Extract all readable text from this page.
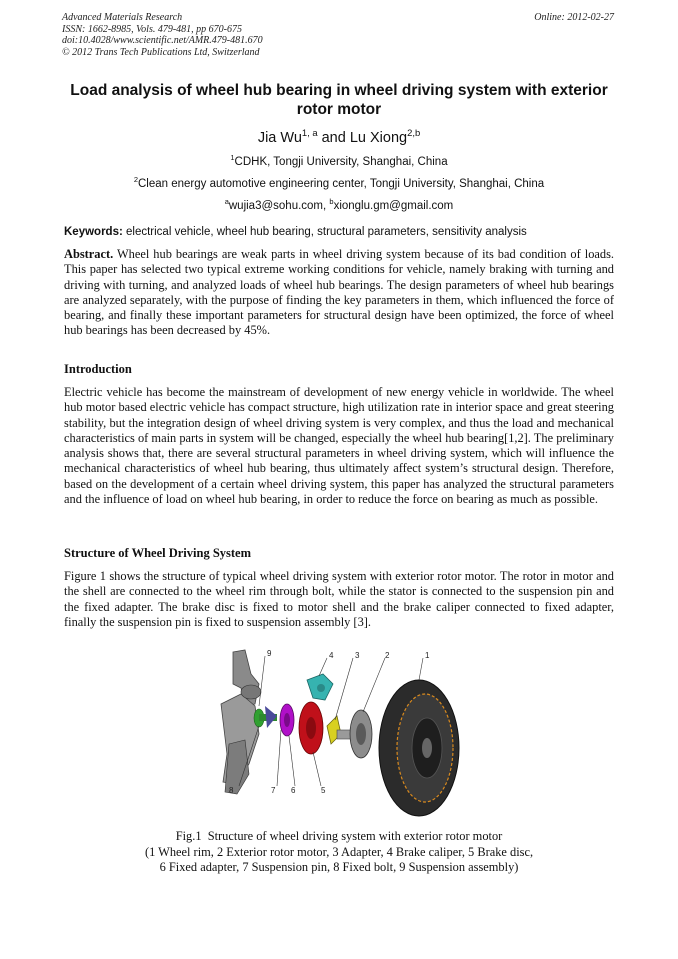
Advanced Materials Research
ISSN: 1662-8985, Vols. 479-481, pp 670-675
doi:10.4028/www.scientific.net/AMR.479-481.670
© 2012 Trans Tech Publications Ltd, Switzerland
Online: 2012-02-27
Load analysis of wheel hub bearing in wheel driving system with exterior rotor motor
Jia Wu$^{1, a}$ and Lu Xiong$^{2,b}$
$^1$CDHK, Tongji University, Shanghai, China
$^2$Clean energy automotive engineering center, Tongji University, Shanghai, China
$^a$wujia3@sohu.com, $^b$xionglu.gm@gmail.com
Keywords: electrical vehicle, wheel hub bearing, structural parameters, sensitivity analysis
Abstract. Wheel hub bearings are weak parts in wheel driving system because of its bad condition of loads. This paper has selected two typical extreme working conditions for vehicle, namely braking with turning and driving with turning, and analyzed loads of wheel hub bearings. The design parameters of wheel hub bearings are analyzed separately, with the purpose of finding the key parameters in them, which influenced the force of bearing, and finally these important parameters for structural design have been optimized, the force of wheel hub bearings has been decreased by 45%.
Introduction
Electric vehicle has become the mainstream of development of new energy vehicle in worldwide. The wheel hub motor based electric vehicle has compact structure, high utilization rate in interior space and great steering stability, but the integration design of wheel driving system is very complex, and thus the load and mechanical characteristics of main parts in system will be changed, especially the wheel hub bearing[1,2]. The preliminary analysis shows that, there are several structural parameters in wheel driving system, which will influence the mechanical characteristics of wheel hub bearing, thus ultimately affect system’s structural design. Therefore, based on the development of a certain wheel driving system, this paper has analyzed the structural parameters and the influence of load on wheel hub bearing, in order to reduce the force on bearing as much as possible.
Structure of Wheel Driving System
Figure 1 shows the structure of typical wheel driving system with exterior rotor motor. The rotor in motor and the shell are connected to the wheel rim through bolt, while the stator is connected to the suspension pin and the fixed adapter. The brake disc is fixed to motor shell and the brake caliper connected to fixed adapter, finally the suspension pin is fixed to suspension assembly [3].
9	4	3	2	1
8	7 6	5
Fig.1  Structure of wheel driving system with exterior rotor motor
(1 Wheel rim, 2 Exterior rotor motor, 3 Adapter, 4 Brake caliper, 5 Brake disc,
6 Fixed adapter, 7 Suspension pin, 8 Fixed bolt, 9 Suspension assembly)
